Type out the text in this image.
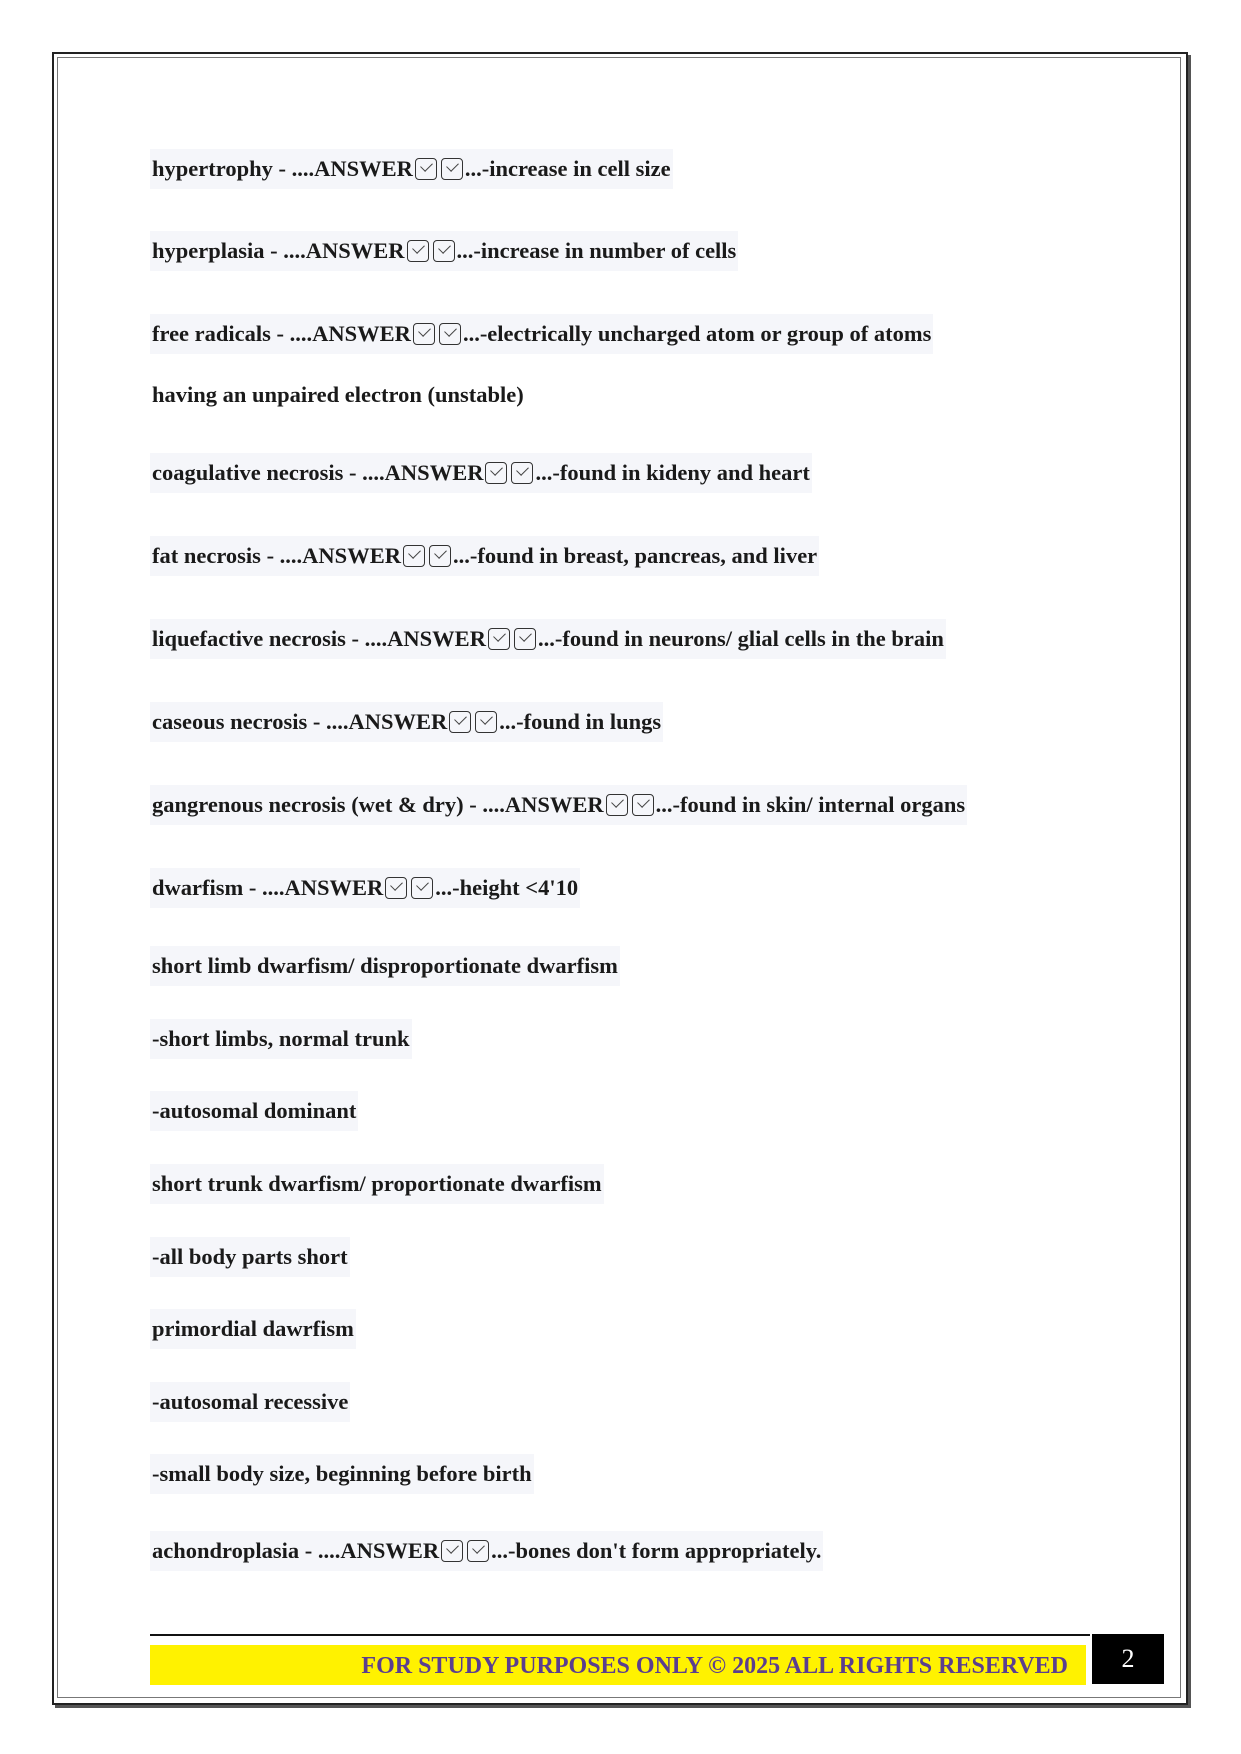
hypertrophy - ....ANSWER ...-increase in cell size
hyperplasia - ....ANSWER ...-increase in number of cells
free radicals - ....ANSWER ...-electrically uncharged atom or group of atoms
having an unpaired electron (unstable)
coagulative necrosis - ....ANSWER ...-found in kideny and heart
fat necrosis - ....ANSWER ...-found in breast, pancreas, and liver
liquefactive necrosis - ....ANSWER ...-found in neurons/ glial cells in the brain
caseous necrosis - ....ANSWER ...-found in lungs
gangrenous necrosis (wet & dry) - ....ANSWER ...-found in skin/ internal organs
dwarfism - ....ANSWER ...-height <4'10
short limb dwarfism/ disproportionate dwarfism
-short limbs, normal trunk
-autosomal dominant
short trunk dwarfism/ proportionate dwarfism
-all body parts short
primordial dawrfism
-autosomal recessive
-small body size, beginning before birth
achondroplasia - ....ANSWER ...-bones don't form appropriately.
FOR STUDY PURPOSES ONLY © 2025 ALL RIGHTS RESERVED	2
